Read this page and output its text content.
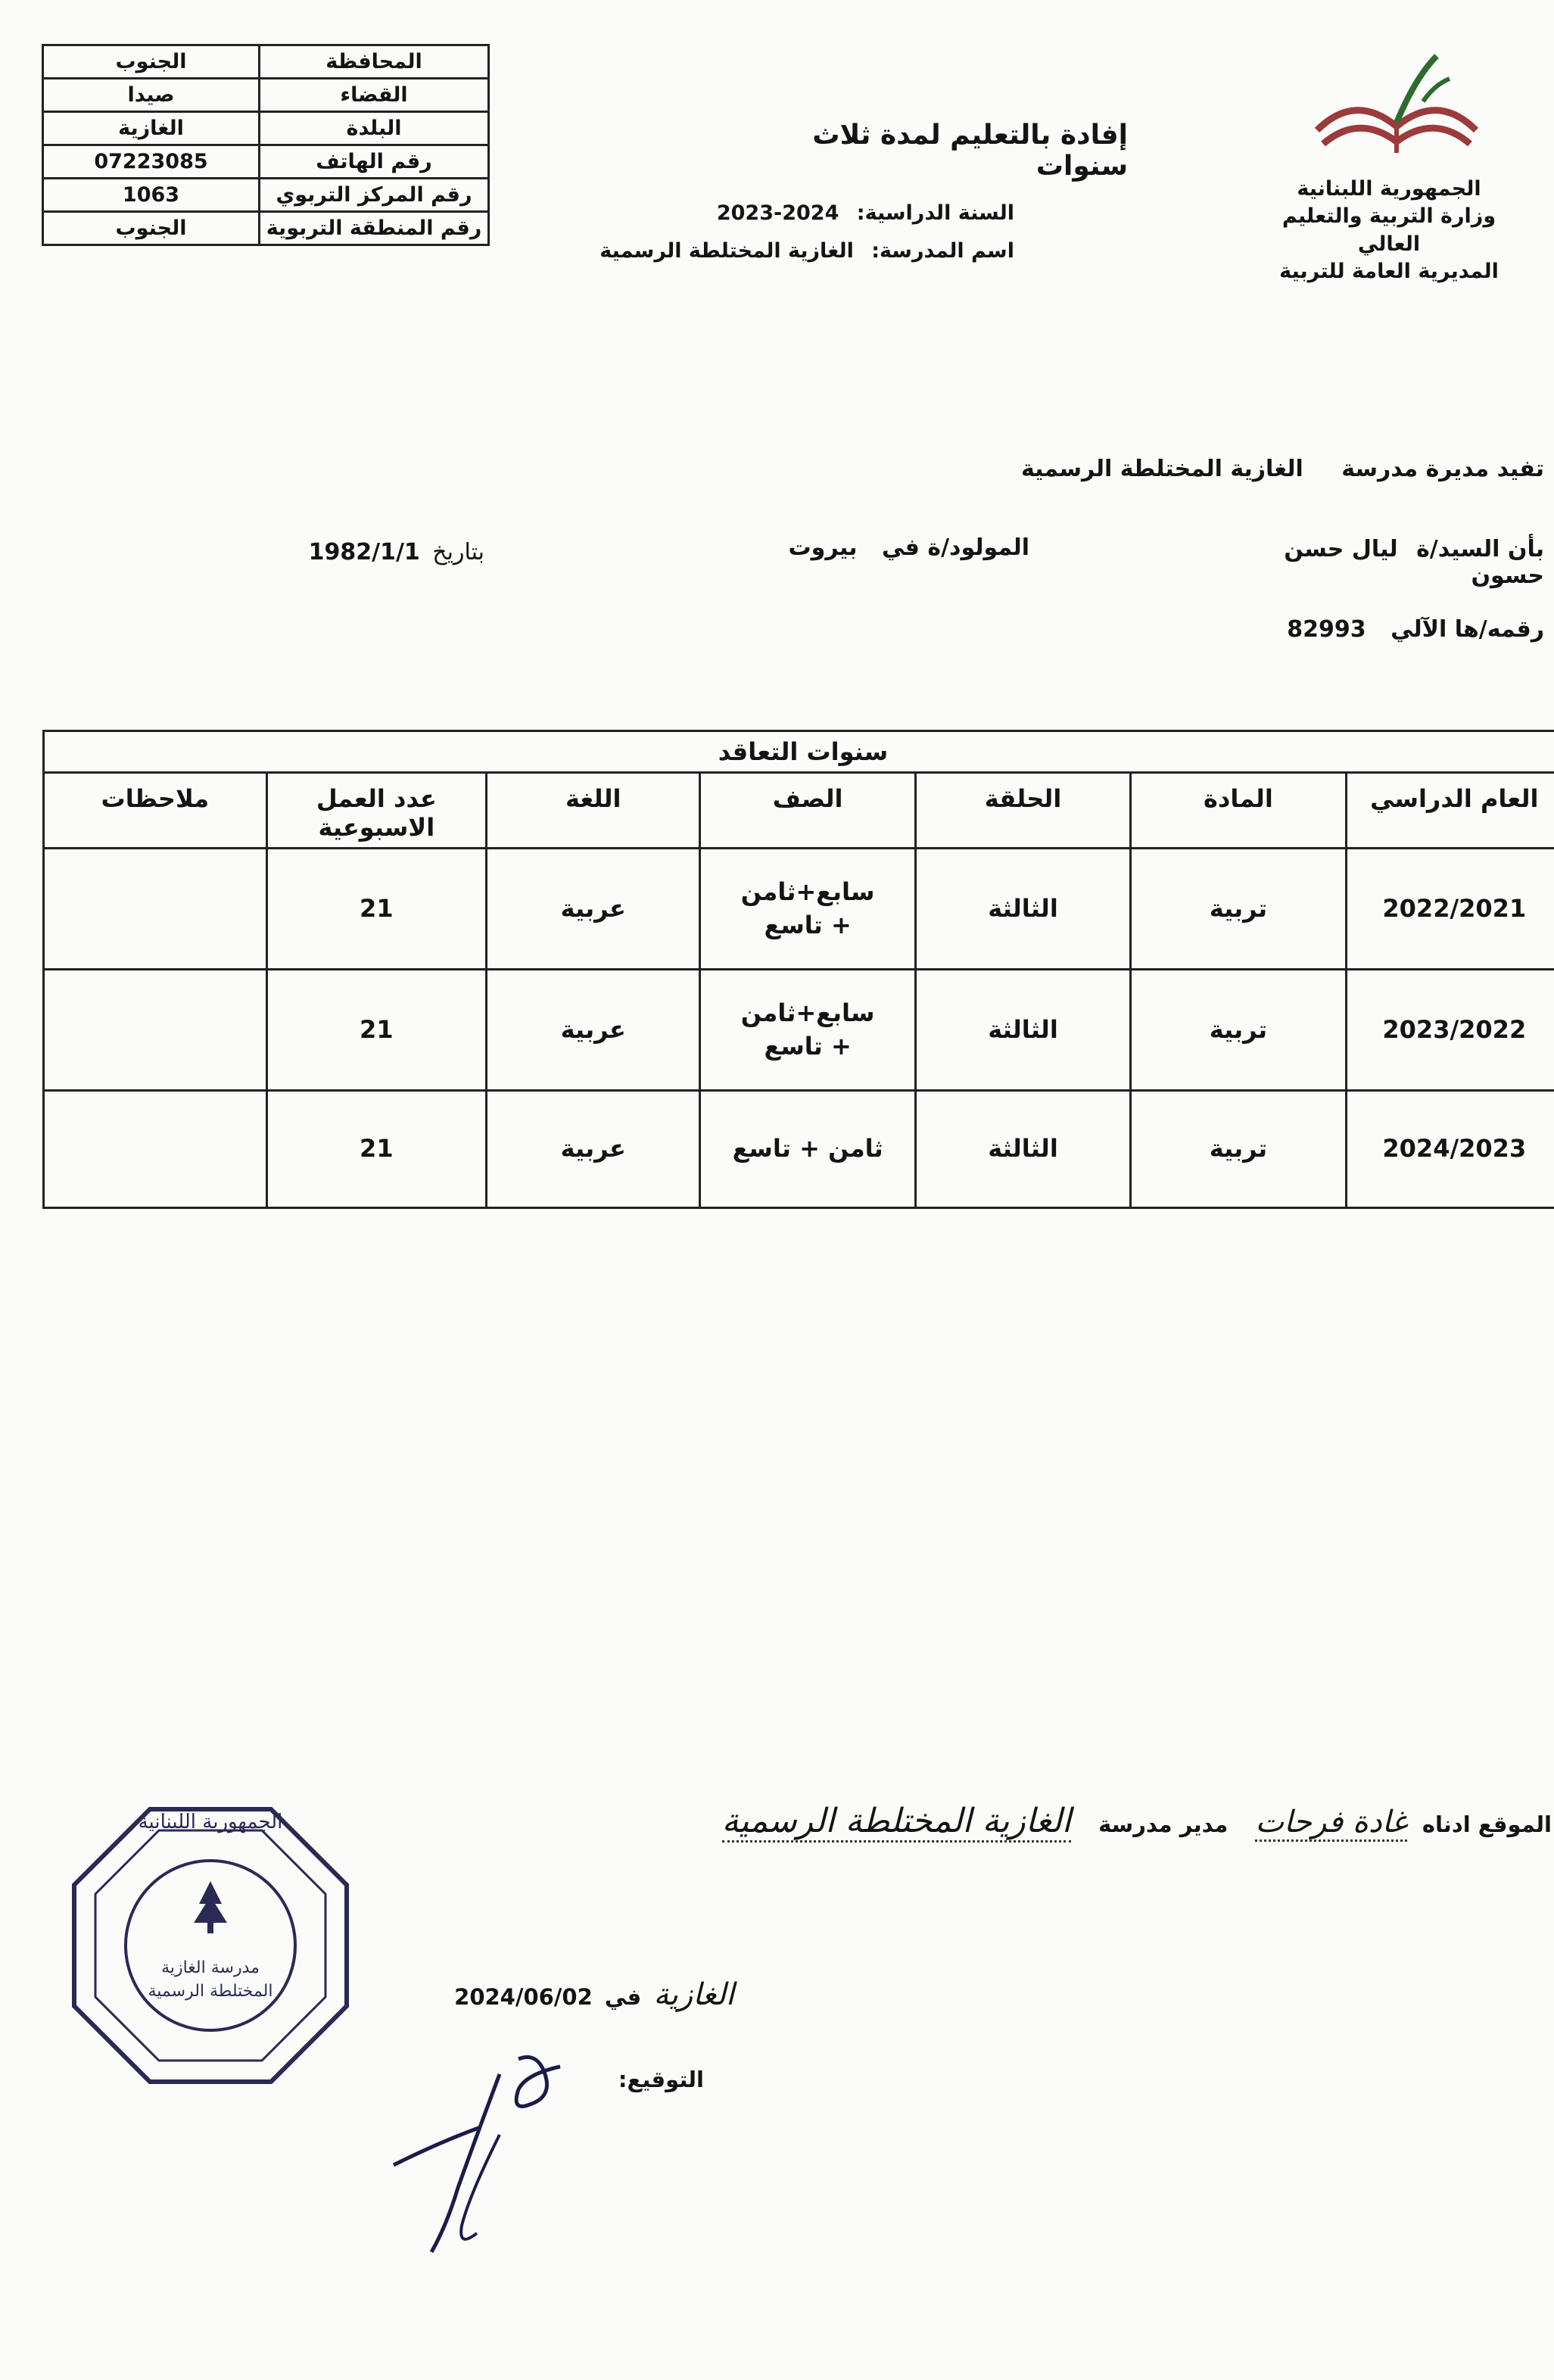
المحافظة	الجنوب
القضاء	صيدا
البلدة	الغازية
رقم الهاتف	07223085
رقم المركز التربوي	1063
رقم المنطقة التربوية	الجنوب
إفادة بالتعليم لمدة ثلاث سنوات
السنة الدراسية: 2024-2023
اسم المدرسة: الغازية المختلطة الرسمية
الجمهورية اللبنانية
وزارة التربية والتعليم العالي
المديرية العامة للتربية
تفيد مديرة مدرسة الغازية المختلطة الرسمية
بأن السيد/ة ليال حسن حسون
المولود/ة في بيروت
بتاريخ 1982/1/1
رقمه/ها الآلي 82993
سنوات التعاقد						
العام الدراسي	المادة	الحلقة	الصف	اللغة	عدد العمل الاسبوعية	ملاحظات
2022/2021	تربية	الثالثة	سابع+ثامن + تاسع	عربية	21	
2023/2022	تربية	الثالثة	سابع+ثامن + تاسع	عربية	21	
2024/2023	تربية	الثالثة	ثامن + تاسع	عربية	21	
الموقع ادناه غادة فرحات مدير مدرسة الغازية المختلطة الرسمية
الغازية في 2024/06/02
التوقيع:
الجمهورية اللبنانية
مدرسة الغازية المختلطة الرسمية
